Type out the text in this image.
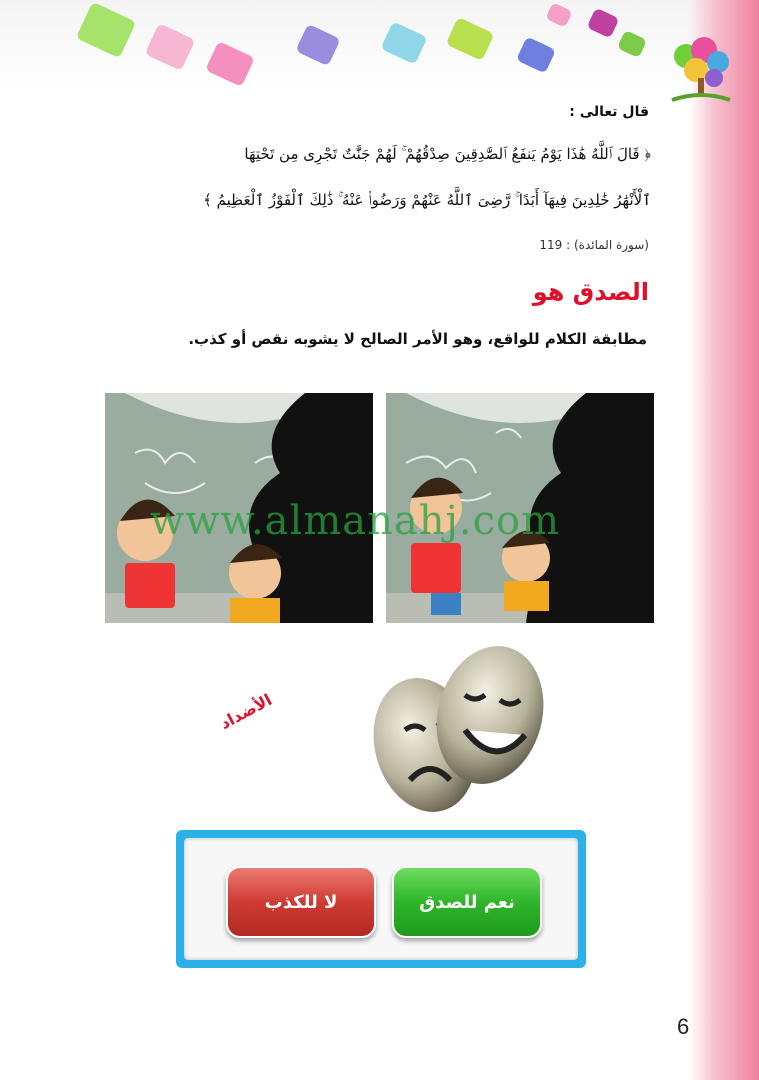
قال تعالى :
﴿ قَالَ ٱللَّهُ هَٰذَا يَوْمُ يَنفَعُ ٱلصَّٰدِقِينَ صِدْقُهُمْ ۚ لَهُمْ جَنَّٰتٌ تَجْرِى مِن تَحْتِهَا
ٱلْأَنْهَٰرُ خَٰلِدِينَ فِيهَآ أَبَدًا ۚ رَّضِىَ ٱللَّهُ عَنْهُمْ وَرَضُوا۟ عَنْهُ ۚ ذَٰلِكَ ٱلْفَوْزُ ٱلْعَظِيمُ ﴾
(سورة المائدة) : 119
الصدق هو
مطابقة الكلام للواقع، وهو الأمر الصالح لا يشوبه نقص أو كذب.
www.almanahj.com
الأضداد
لا للكذب	نعم للصدق
6
